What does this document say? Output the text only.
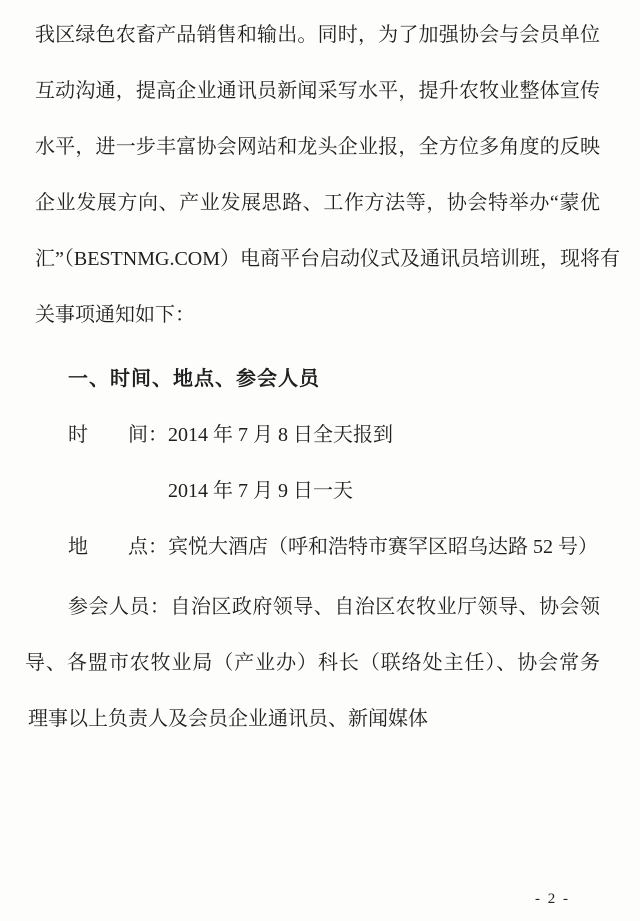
我区绿色农畜产品销售和输出。同时，为了加强协会与会员单位
互动沟通，提高企业通讯员新闻采写水平，提升农牧业整体宣传
水平，进一步丰富协会网站和龙头企业报，全方位多角度的反映
企业发展方向、产业发展思路、工作方法等，协会特举办“蒙优
汇”（BESTNMG.COM）电商平台启动仪式及通讯员培训班，现将有
关事项通知如下：
一、时间、地点、参会人员
时　　间：2014 年 7 月 8 日全天报到
2014 年 7 月 9 日一天
地　　点：宾悦大酒店（呼和浩特市赛罕区昭乌达路 52 号）
参会人员：自治区政府领导、自治区农牧业厅领导、协会领
导、各盟市农牧业局（产业办）科长（联络处主任）、协会常务
理事以上负责人及会员企业通讯员、新闻媒体
- 2 -
